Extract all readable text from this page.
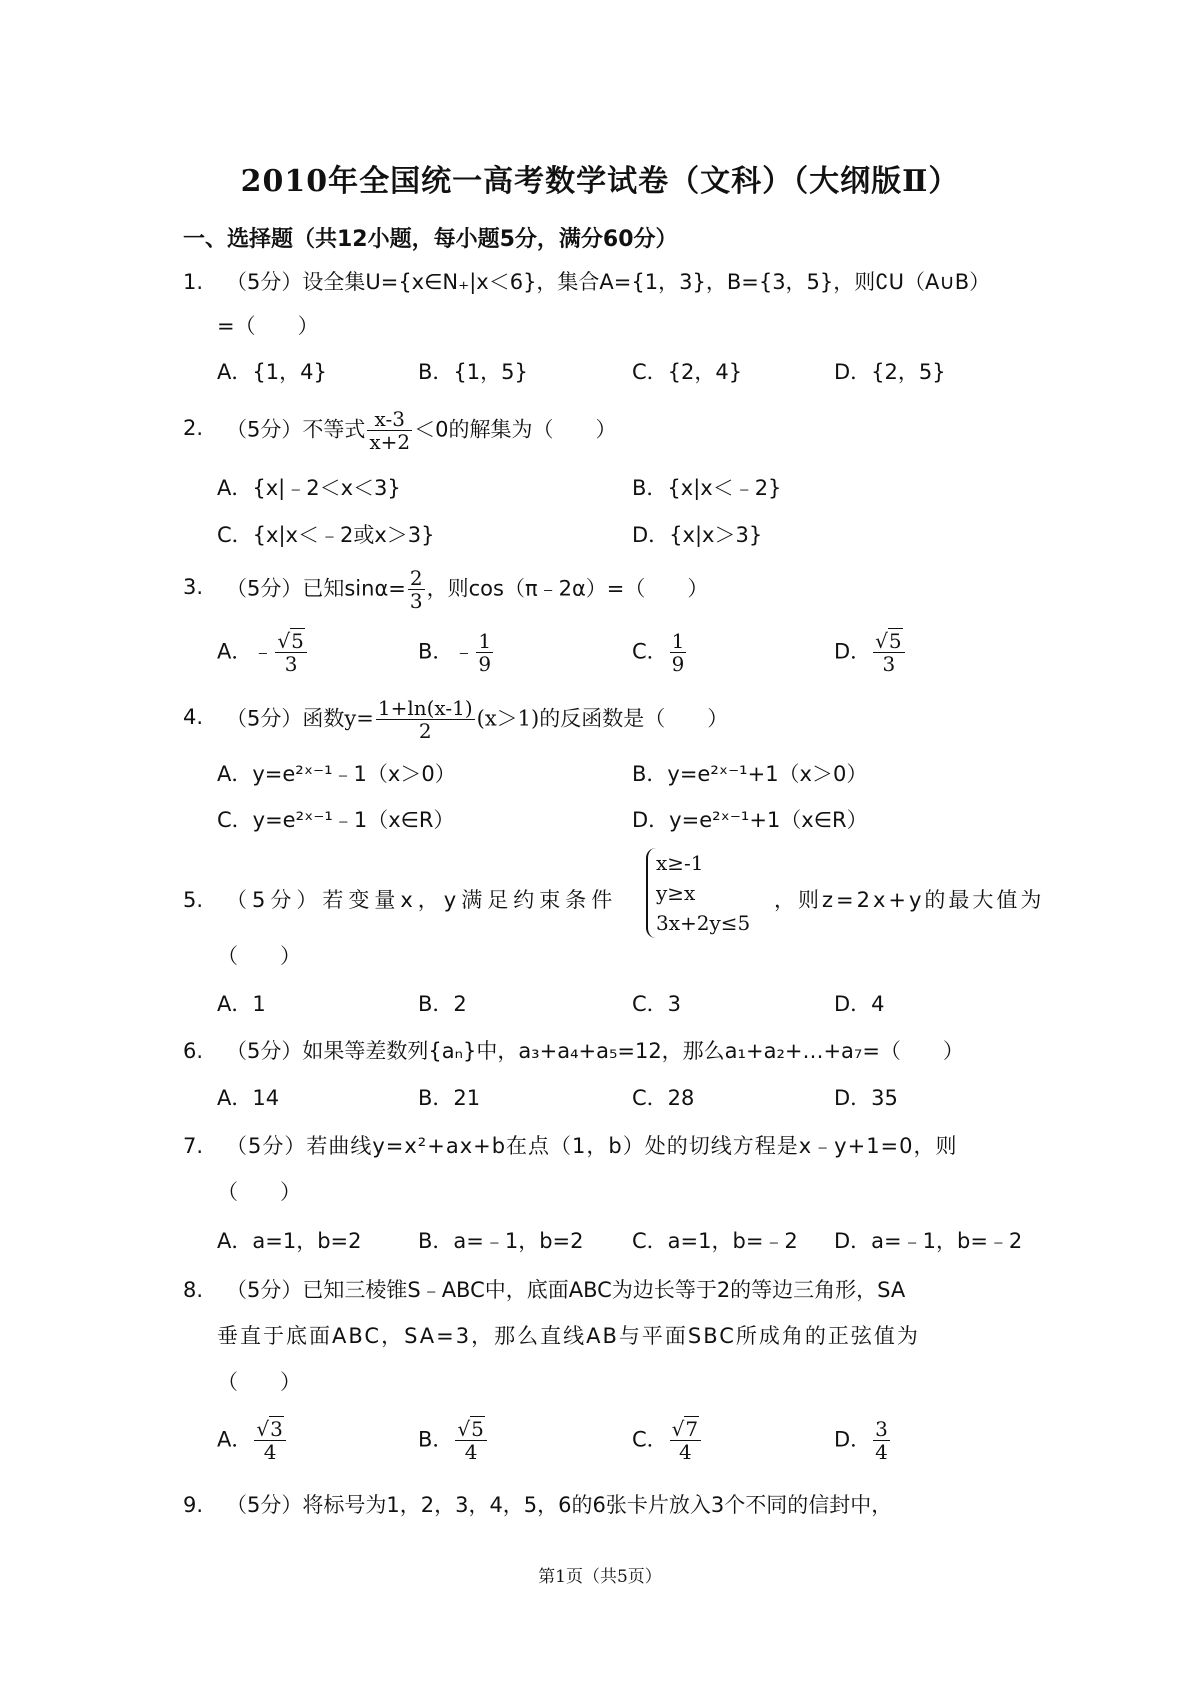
2010年全国统一高考数学试卷（文科）（大纲版Ⅱ）
一、选择题（共12小题，每小题5分，满分60分）
1. （5分）设全集U={x∈N₊|x＜6}，集合A={1，3}，B={3，5}，则∁U（A∪B）
=（　　）
A．{1，4}	B．{1，5}	C．{2，4}	D．{2，5}
2. （5分）不等式 $\frac{x-3}{x+2} <0$的解集为（　　）
A．{x|﹣2＜x＜3}	B．{x|x＜﹣2}
C．{x|x＜﹣2或x＞3}	D．{x|x＞3}
3. （5分）已知$\sin\alpha= \frac{2}{3}$ ，则cos（π﹣2α）=（　　）
A．﹣ $\frac{√5}{3}$	B．﹣ $\frac{1}{9}$	C． $\frac{1}{9}$	D． $\frac{√5}{3}$
4. （5分）函数$y= \frac{1+\ln(x-1)}{2} (x>1)$的反函数是（　　）
A．y=e²ˣ⁻¹﹣1（x＞0）	B．y=e²ˣ⁻¹+1（x＞0）
C．y=e²ˣ⁻¹﹣1（x∈R）	D．y=e²ˣ⁻¹+1（x∈R）
5. （5分）若变量x，y满足约束条件
x≥-1
y≥x
3x+2y≤5
，则z=2x+y的最大值为
（　　）
A．1	B．2	C．3	D．4
6. （5分）如果等差数列{aₙ}中，a₃+a₄+a₅=12，那么a₁+a₂+…+a₇=（　　）
A．14	B．21	C．28	D．35
7. （5分）若曲线y=x²+ax+b在点（1，b）处的切线方程是x﹣y+1=0，则
（　　）
A．a=1，b=2	B．a=﹣1，b=2 C．a=1，b=﹣2 D．a=﹣1，b=﹣2
8. （5分）已知三棱锥S﹣ABC中，底面ABC为边长等于2的等边三角形，SA
垂直于底面ABC，SA=3，那么直线AB与平面SBC所成角的正弦值为
（　　）
A． $\frac{√3}{4}$	B． $\frac{√5}{4}$	C． $\frac{√7}{4}$	D． $\frac{3}{4}$
9. （5分）将标号为1，2，3，4，5，6的6张卡片放入3个不同的信封中，
第1页（共5页）
